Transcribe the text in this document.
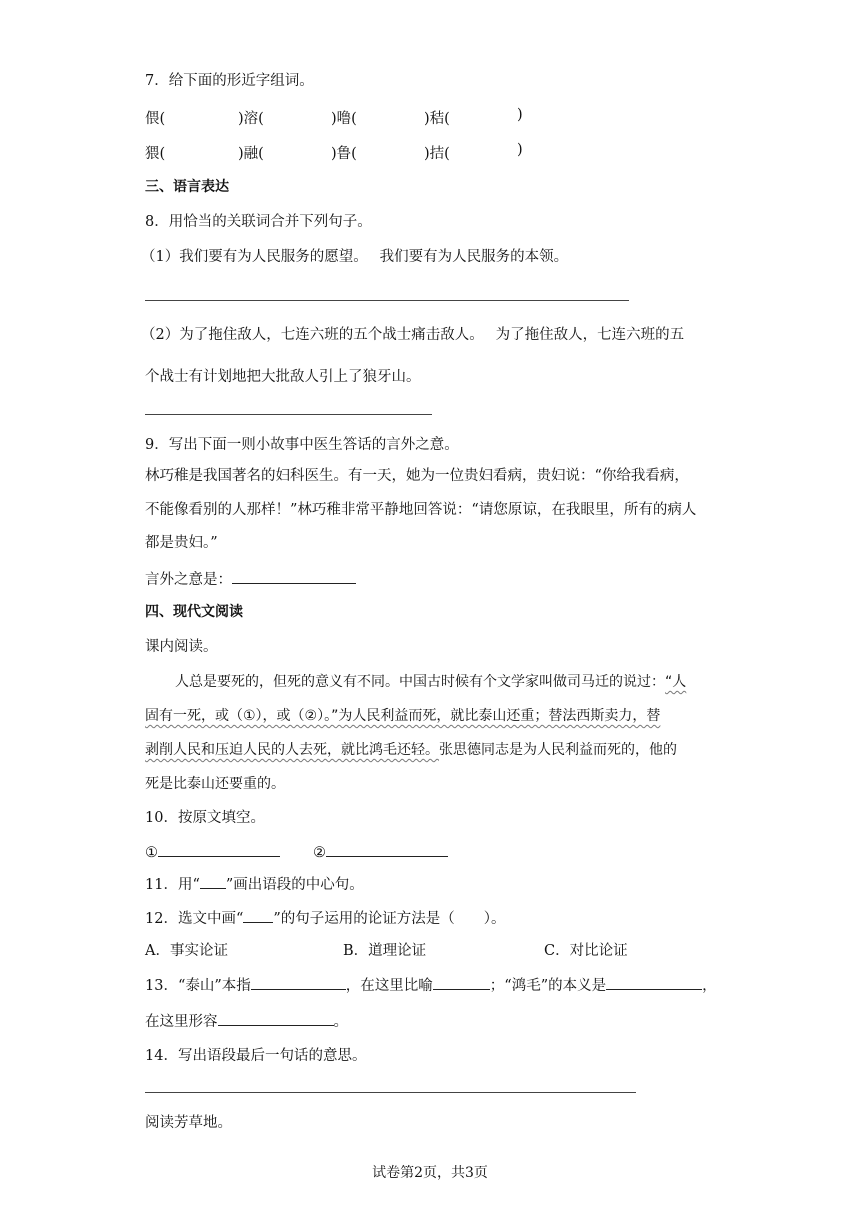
7．给下面的形近字组词。
偎(	)溶(	)噜(	)秸(	)
猥(	)融(	)鲁(	)拮(	)
三、语言表达
8．用恰当的关联词合并下列句子。
（1）我们要有为人民服务的愿望。　 我们要有为人民服务的本领。
（2）为了拖住敌人，七连六班的五个战士痛击敌人。　 为了拖住敌人，七连六班的五
个战士有计划地把大批敌人引上了狼牙山。
9．写出下面一则小故事中医生答话的言外之意。
林巧稚是我国著名的妇科医生。有一天，她为一位贵妇看病，贵妇说：“你给我看病，
不能像看别的人那样！”林巧稚非常平静地回答说：“请您原谅，在我眼里，所有的病人
都是贵妇。”
言外之意是：
四、现代文阅读
课内阅读。
人总是要死的，但死的意义有不同。中国古时候有个文学家叫做司马迁的说过：“人
固有一死，或（①），或（②）。”为人民利益而死，就比泰山还重；替法西斯卖力，替
剥削人民和压迫人民的人去死，就比鸿毛还轻。张思德同志是为人民利益而死的，他的
死是比泰山还要重的。
10．按原文填空。
①	②
11．用“ ”画出语段的中心句。
12．选文中画“ ”的句子运用的论证方法是（　　）。
A．事实论证	B．道理论证	C．对比论证
13．“泰山”本指	，在这里比喻	；“鸿毛”的本义是	，
在这里形容	。
14．写出语段最后一句话的意思。
阅读芳草地。
试卷第2页，共3页
